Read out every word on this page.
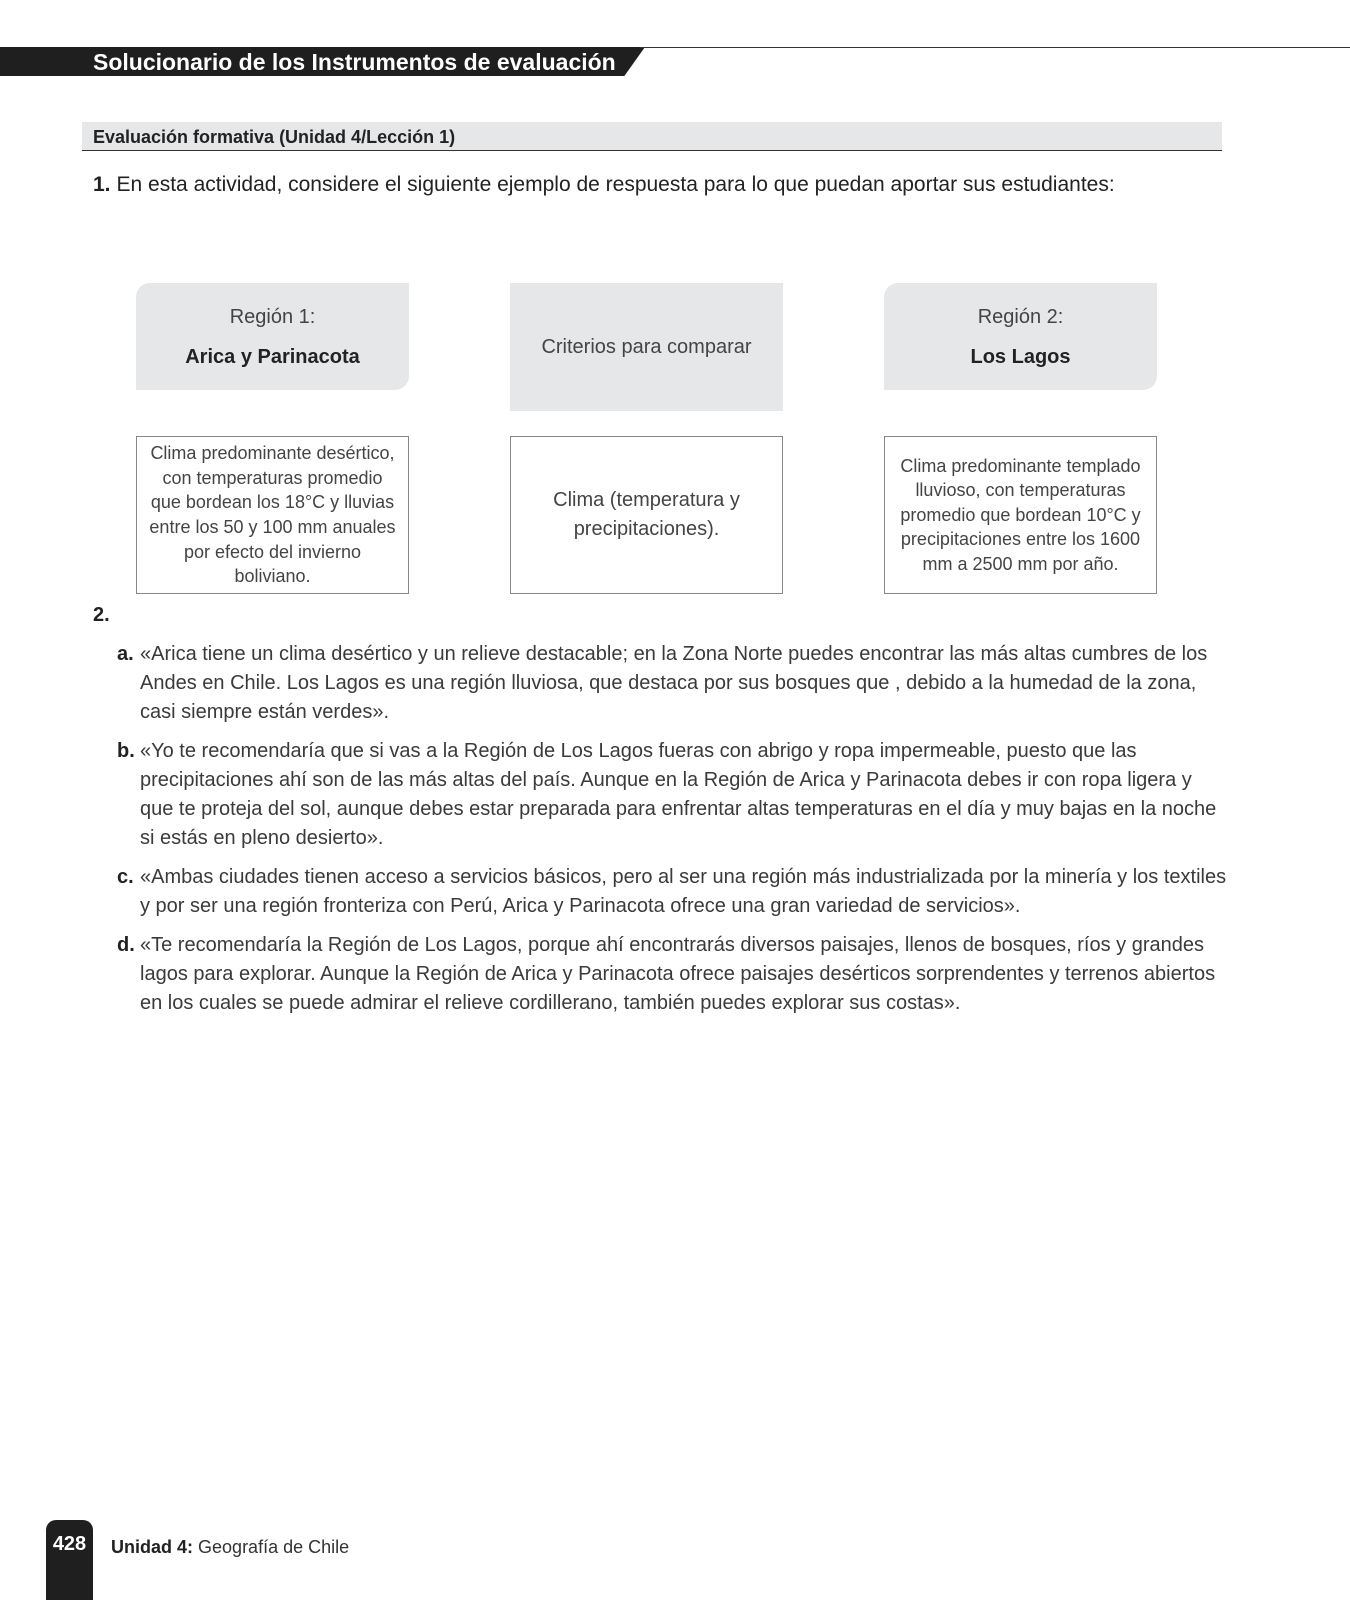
Solucionario de los Instrumentos de evaluación
Evaluación formativa (Unidad 4/Lección 1)
1. En esta actividad, considere el siguiente ejemplo de respuesta para lo que puedan aportar sus estudiantes:
Región 1:
Arica y Parinacota	Criterios para comparar
Región 2:
Los Lagos
Clima predominante desértico, con temperaturas promedio que bordean los 18°C y lluvias entre los 50 y 100 mm anuales por efecto del invierno boliviano.
Clima (temperatura y precipitaciones).
Clima predominante templado lluvioso, con temperaturas promedio que bordean 10°C y precipitaciones entre los 1600 mm a 2500 mm por año.
2.
a. «Arica tiene un clima desértico y un relieve destacable; en la Zona Norte puedes encontrar las más altas cumbres de los Andes en Chile. Los Lagos es una región lluviosa, que destaca por sus bosques que , debido a la humedad de la zona, casi siempre están verdes».
b. «Yo te recomendaría que si vas a la Región de Los Lagos fueras con abrigo y ropa impermeable, puesto que las precipitaciones ahí son de las más altas del país. Aunque en la Región de Arica y Parinacota debes ir con ropa ligera y que te proteja del sol, aunque debes estar preparada para enfrentar altas temperaturas en el día y muy bajas en la noche si estás en pleno desierto».
c. «Ambas ciudades tienen acceso a servicios básicos, pero al ser una región más industrializada por la minería y los textiles y por ser una región fronteriza con Perú, Arica y Parinacota ofrece una gran variedad de servicios».
d. «Te recomendaría la Región de Los Lagos, porque ahí encontrarás diversos paisajes, llenos de bosques, ríos y grandes lagos para explorar. Aunque la Región de Arica y Parinacota ofrece paisajes desérticos sorprendentes y terrenos abiertos en los cuales se puede admirar el relieve cordillerano, también puedes explorar sus costas».
428	Unidad 4: Geografía de Chile
